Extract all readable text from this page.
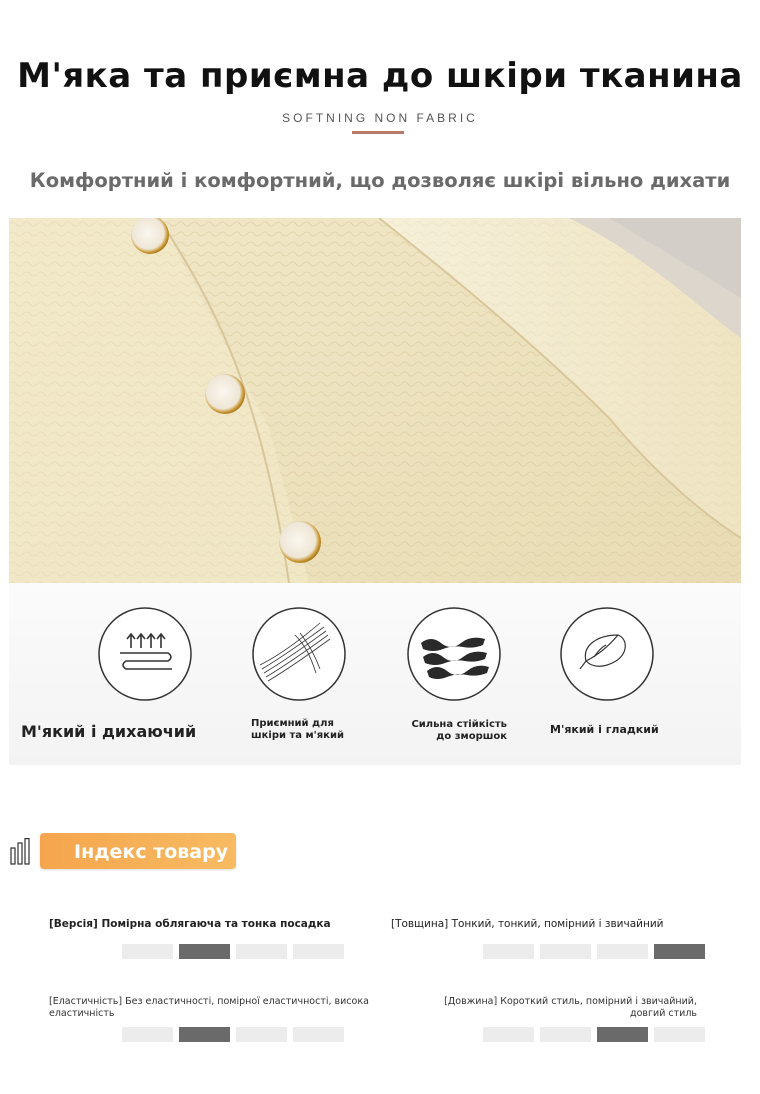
М'яка та приємна до шкіри тканина
SOFTNING NON FABRIC
Комфортний і комфортний, що дозволяє шкірі вільно дихати
М'який і дихаючий	Приємний для шкіри та м'який
Сильна стійкість до зморшок
М'який і гладкий
Індекс товару
[Версія] Помірна облягаюча та тонка посадка	[Товщина] Тонкий, тонкий, помірний і звичайний
[Еластичність] Без еластичності, помірної еластичності, висока еластичність
[Довжина] Короткий стиль, помірний і звичайний, довгий стиль
